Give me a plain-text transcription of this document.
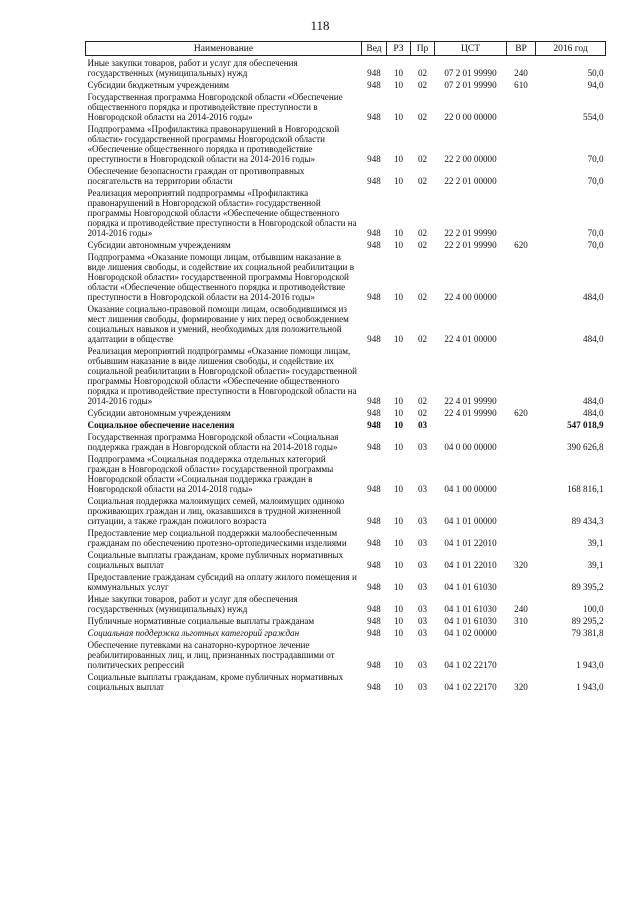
118
Наименование	Вед	РЗ	Пр	ЦСТ	ВР	2016 год
Иные закупки товаров, работ и услуг для обеспечения государственных (муниципальных) нужд	948	10	02	07 2 01 99990	240	50,0
Субсидии бюджетным учреждениям	948	10	02	07 2 01 99990	610	94,0
Государственная программа Новгородской области «Обеспечение общественного порядка и противодействие преступности в Новгородской области на 2014-2016 годы»	948	10	02	22 0 00 00000		554,0
Подпрограмма «Профилактика правонарушений в Новгородской области» государственной программы Новгородской области «Обеспечение общественного порядка и противодействие преступности в Новгородской области на 2014-2016 годы»	948	10	02	22 2 00 00000		70,0
Обеспечение безопасности граждан от противоправных посягательств на территории области	948	10	02	22 2 01 00000		70,0
Реализация мероприятий подпрограммы «Профилактика правонарушений в Новгородской области» государственной программы Новгородской области «Обеспечение общественного порядка и противодействие преступности в Новгородской области на 2014-2016 годы»	948	10	02	22 2 01 99990		70,0
Субсидии автономным учреждениям	948	10	02	22 2 01 99990	620	70,0
Подпрограмма «Оказание помощи лицам, отбывшим наказание в виде лишения свободы, и содействие их социальной реабилитации в Новгородской области» государственной программы Новгородской области «Обеспечение общественного порядка и противодействие преступности в Новгородской области на 2014-2016 годы»	948	10	02	22 4 00 00000		484,0
Оказание социально-правовой помощи лицам, освободившимся из мест лишения свободы, формирование у них перед освобождением социальных навыков и умений, необходимых для положительной адаптации в обществе	948	10	02	22 4 01 00000		484,0
Реализация мероприятий подпрограммы «Оказание помощи лицам, отбывшим наказание в виде лишения свободы, и содействие их социальной реабилитации в Новгородской области» государственной программы Новгородской области «Обеспечение общественного порядка и противодействие преступности в Новгородской области на 2014-2016 годы»	948	10	02	22 4 01 99990		484,0
Субсидии автономным учреждениям	948	10	02	22 4 01 99990	620	484,0
Социальное обеспечение населения	948	10	03			547 018,9
Государственная программа Новгородской области «Социальная поддержка граждан в Новгородской области на 2014-2018 годы»	948	10	03	04 0 00 00000		390 626,8
Подпрограмма «Социальная поддержка отдельных категорий граждан в Новгородской области» государственной программы Новгородской области «Социальная поддержка граждан в Новгородской области на 2014-2018 годы»	948	10	03	04 1 00 00000		168 816,1
Социальная поддержка малоимущих семей, малоимущих одиноко проживающих граждан и лиц, оказавшихся в трудной жизненной ситуации, а также граждан пожилого возраста	948	10	03	04 1 01 00000		89 434,3
Предоставление мер социальной поддержки малообеспеченным гражданам по обеспечению протезно-ортопедическими изделиями	948	10	03	04 1 01 22010		39,1
Социальные выплаты гражданам, кроме публичных нормативных социальных выплат	948	10	03	04 1 01 22010	320	39,1
Предоставление гражданам субсидий на оплату жилого помещения и коммунальных услуг	948	10	03	04 1 01 61030		89 395,2
Иные закупки товаров, работ и услуг для обеспечения государственных (муниципальных) нужд	948	10	03	04 1 01 61030	240	100,0
Публичные нормативные социальные выплаты гражданам	948	10	03	04 1 01 61030	310	89 295,2
Социальная поддержка льготных категорий граждан	948	10	03	04 1 02 00000		79 381,8
Обеспечение путевками на санаторно-курортное лечение реабилитированных лиц, и лиц, признанных пострадавшими от политических репрессий	948	10	03	04 1 02 22170		1 943,0
Социальные выплаты гражданам, кроме публичных нормативных социальных выплат	948	10	03	04 1 02 22170	320	1 943,0
